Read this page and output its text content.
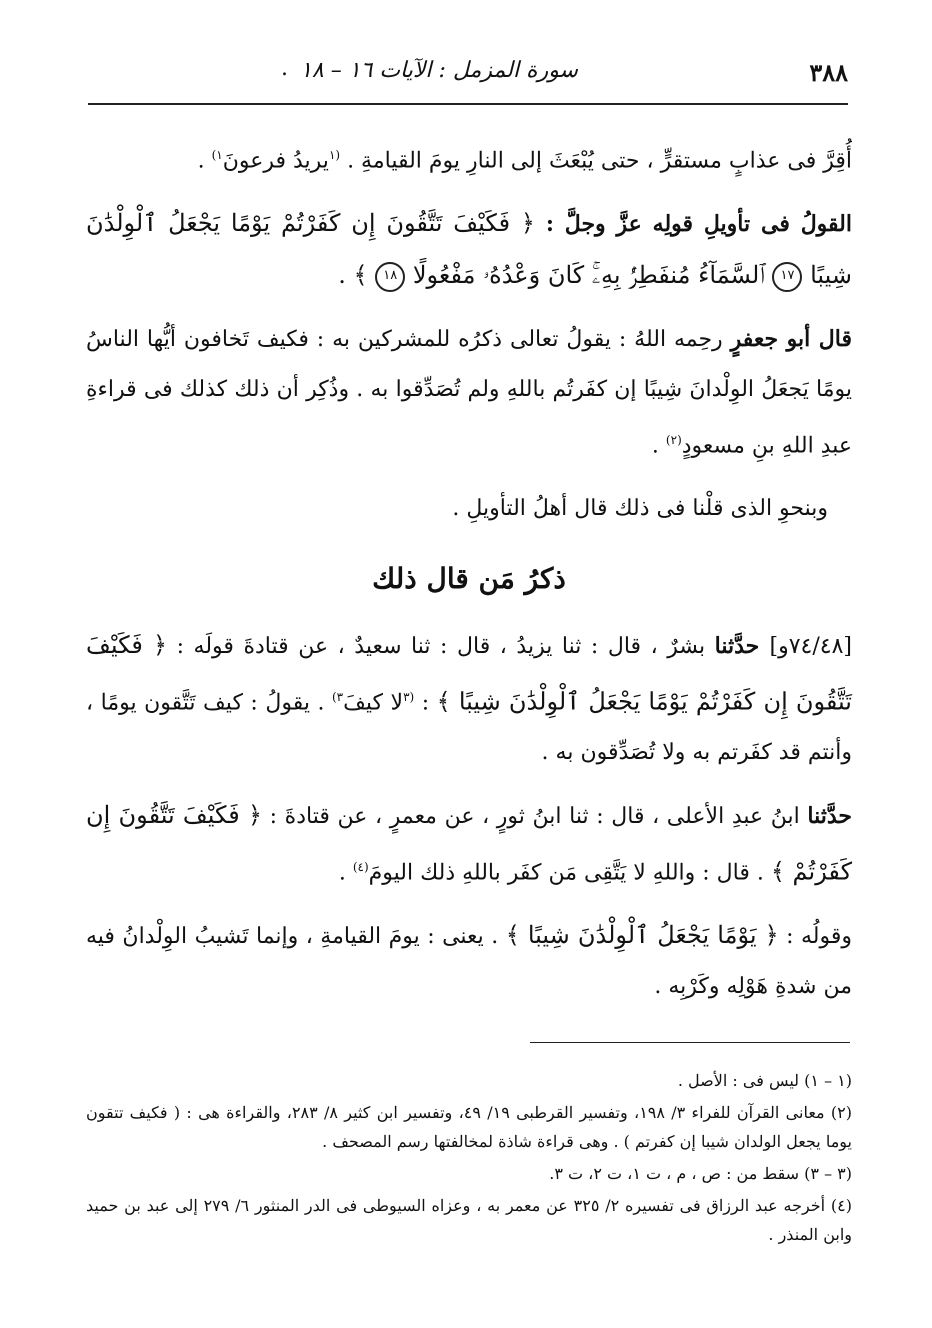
٣٨٨
سورة المزمل : الآيات ١٦ – ١٨
.

أُقِرَّ فى عذابٍ مستقرٍّ ، حتى يُبْعَثَ إلى النارِ يومَ القيامةِ . $^{(١}$يريدُ فرعونَ$^{١)}$ .

القولُ فى تأويلِ قولِه عزَّ وجلَّ : ﴿ فَكَيْفَ تَتَّقُونَ إِن كَفَرْتُمْ يَوْمًا يَجْعَلُ ٱلْوِلْدَٰنَ شِيبًا ١٧ ٱلسَّمَآءُ مُنفَطِرُۢ بِهِۦۚ كَانَ وَعْدُهُۥ مَفْعُولًا ١٨ ﴾ .

قال أبو جعفرٍ رحِمه اللهُ : يقولُ تعالى ذكرُه للمشركين به : فكيف تَخافون أيُّها الناسُ يومًا يَجعَلُ الوِلْدانَ شِيبًا إن كفَرتُم باللهِ ولم تُصَدِّقوا به . وذُكِر أن ذلك كذلك فى قراءةِ عبدِ اللهِ بنِ مسعودٍ$^{(٢)}$ .

وبنحوِ الذى قلْنا فى ذلك قال أهلُ التأويلِ .

ذكرُ مَن قال ذلك

[٧٤/٤٨و] حدَّثنا بشرٌ ، قال : ثنا يزيدُ ، قال : ثنا سعيدٌ ، عن قتادةَ قولَه : ﴿ فَكَيْفَ تَتَّقُونَ إِن كَفَرْتُمْ يَوْمًا يَجْعَلُ ٱلْوِلْدَٰنَ شِيبًا ﴾ : $^{(٣}$لا كيفَ$^{٣)}$ . يقولُ : كيف تَتَّقون يومًا ، وأنتم قد كفَرتم به ولا تُصَدِّقون به .

حدَّثنا ابنُ عبدِ الأعلى ، قال : ثنا ابنُ ثورٍ ، عن معمرٍ ، عن قتادةَ : ﴿ فَكَيْفَ تَتَّقُونَ إِن كَفَرْتُمْ ﴾ . قال : واللهِ لا يَتَّقِى مَن كفَر باللهِ ذلك اليومَ$^{(٤)}$ .

وقولُه : ﴿ يَوْمًا يَجْعَلُ ٱلْوِلْدَٰنَ شِيبًا ﴾ . يعنى : يومَ القيامةِ ، وإنما تَشيبُ الوِلْدانُ فيه من شدةِ هَوْلِه وكَرْبِه .

(١ – ١) ليس فى : الأصل .

(٢) معانى القرآن للفراء ٣/ ١٩٨، وتفسير القرطبى ١٩/ ٤٩، وتفسير ابن كثير ٨/ ٢٨٣، والقراءة هى : ( فكيف تتقون يوما يجعل الولدان شيبا إن كفرتم ) . وهى قراءة شاذة لمخالفتها رسم المصحف .

(٣ – ٣) سقط من : ص ، م ، ت ١، ت ٢، ت ٣.

(٤) أخرجه عبد الرزاق فى تفسيره ٢/ ٣٢٥ عن معمر به ، وعزاه السيوطى فى الدر المنثور ٦/ ٢٧٩ إلى عبد بن حميد وابن المنذر .
